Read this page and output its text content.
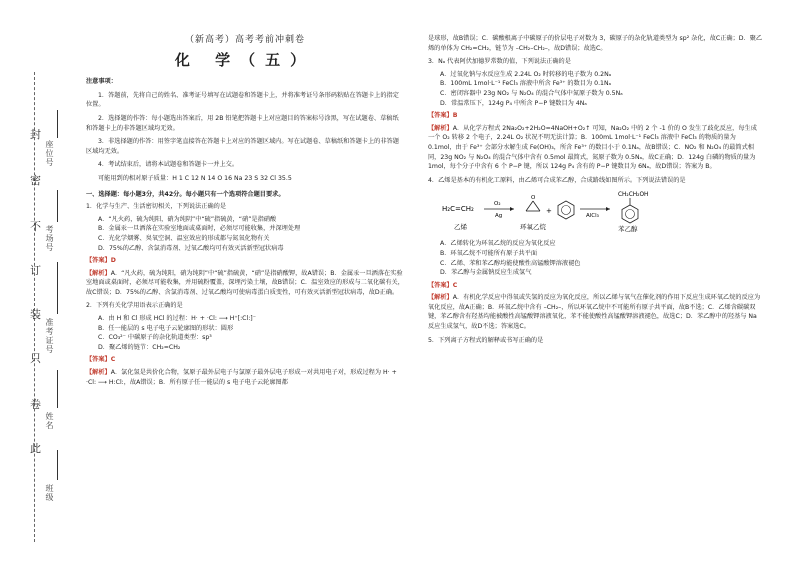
封
密
不
订
装
只
卷
此
座位号
考场号
准考证号
姓名
班级
（新高考）高考考前冲刺卷
化 学（五）
注意事项：

1．答题前，先将自己的姓名、准考证号填写在试题卷和答题卡上，并将准考证号条形码粘贴在答题卡上的指定位置。

2．选择题的作答：每小题选出答案后，用 2B 铅笔把答题卡上对应题目的答案标号涂黑，写在试题卷、草稿纸和答题卡上的非答题区域均无效。

3．非选择题的作答：用签字笔直接答在答题卡上对应的答题区域内。写在试题卷、草稿纸和答题卡上的非答题区域均无效。

4．考试结束后，请将本试题卷和答题卡一并上交。

可能用到的相对原子质量：H 1 C 12 N 14 O 16 Na 23 S 32 Cl 35.5

一、选择题：每小题3分，共42分。每小题只有一个选项符合题目要求。
1．化学与生产、生活密切相关，下列说法正确的是
A．“凡火药，硫为纯阳，硝为纯阴”中“硫”指硫黄，“硝”是指硝酸
B．金属汞一旦洒落在实验室地面或桌面时，必须尽可能收集，并深埋处理
C．光化学烟雾、臭氧空洞、温室效应的形成都与氮氧化物有关
D．75%的乙醇、含氯消毒剂、过氧乙酸均可有效灭活新型冠状病毒
【答案】D
【解析】A．“凡火药，硫为纯阳，硝为纯阴”中“硫”指硫黄，“硝”是指硝酸钾，故A错误；B．金属汞一旦洒落在实验室地面或桌面时，必须尽可能收集，并用硫粉覆盖，深埋污染土壤，故B错误；C．温室效应的形成与二氧化碳有关，故C错误；D．75%的乙醇、含氯消毒剂、过氧乙酸均可使病毒蛋白质变性，可有效灭活新型冠状病毒，故D正确。
2．下列有关化学用语表示正确的是
A．由 H 和 Cl 形成 HCl 的过程：H· + ·Cl: ⟶ H⁺[:Cl:]⁻
B．任一能层的 s 电子电子云轮廓图的形状：圆形
C．CO₃²⁻ 中碳原子的杂化轨道类型：sp³
D．聚乙烯的链节：CH₂=CH₂
【答案】C
【解析】A．氯化氢是共价化合物，氢原子最外层电子与氯原子最外层电子形成一对共用电子对，形成过程为 H· + ·Cl: ⟶ H:Cl:，故A错误；B．所有原子任一能层的 s 电子电子云轮廓图都

是球形，故B错误；C．碳酸根离子中碳原子的价层电子对数为 3，碳原子的杂化轨道类型为 sp² 杂化，故C正确；D．聚乙烯的单体为 CH₂=CH₂，链节为 –CH₂–CH₂–，故D错误；故选C。

3．Nₐ 代表阿伏加德罗常数的值，下列说法正确的是
A．过氧化钠与水反应生成 2.24L O₂ 时转移的电子数为 0.2Nₐ
B．100mL 1mol·L⁻¹ FeCl₃ 溶液中所含 Fe³⁺ 的数目为 0.1Nₐ
C．密闭容器中 23g NO₂ 与 N₂O₄ 的混合气体中氮原子数为 0.5Nₐ
D．常温常压下，124g P₄ 中所含 P−P 键数目为 4Nₐ
【答案】B
【解析】A．从化学方程式 2Na₂O₂+2H₂O=4NaOH+O₂↑ 可知，Na₂O₂ 中的 2 个 -1 价的 O 发生了歧化反应，每生成一个 O₂ 转移 2 个电子，2.24L O₂ 状况不明无法计算；B．100mL 1mol·L⁻¹ FeCl₃ 溶液中 FeCl₃ 的物质的量为 0.1mol，由于 Fe³⁺ 会部分水解生成 Fe(OH)₃，所含 Fe³⁺ 的数目小于 0.1Nₐ，故B错误；C．NO₂ 和 N₂O₄ 的最简式相同，23g NO₂ 与 N₂O₄ 的混合气体中含有 0.5mol 最简式，氮原子数为 0.5Nₐ，故C正确；D．124g 白磷的物质的量为 1mol，每个分子中含有 6 个 P−P 键，所以 124g P₄ 含有的 P−P 键数目为 6Nₐ，故D错误；答案为 B。
4．乙烯是基本的有机化工原料，由乙烯可合成苯乙醇，合成路线如图所示。下列说法错误的是
H₂C=CH₂
乙烯
O₂
Ag
O
环氧乙烷
+
AlCl₃
CH₂CH₂OH
苯乙醇
A．乙烯转化为环氧乙烷的反应为氧化反应
B．环氧乙烷不可能所有原子共平面
C．乙烯、苯和苯乙醇均能使酸性高锰酸钾溶液褪色
D．苯乙醇与金属钠反应生成氢气
【答案】C
【解析】A．有机化学反应中得氧或失氢的反应为氧化反应，所以乙烯与氧气在催化剂的作用下反应生成环氧乙烷的反应为氧化反应，故A正确；B．环氧乙烷中含有 –CH₂–，所以环氧乙烷中不可能所有原子共平面，故B不选；C．乙烯含碳碳双键，苯乙醇含有羟基均能被酸性高锰酸钾溶液氧化，苯不能使酸性高锰酸钾溶液褪色，故选C；D．苯乙醇中的羟基与 Na 反应生成氢气，故D不选；答案选C。
5．下列离子方程式的解释或书写正确的是
